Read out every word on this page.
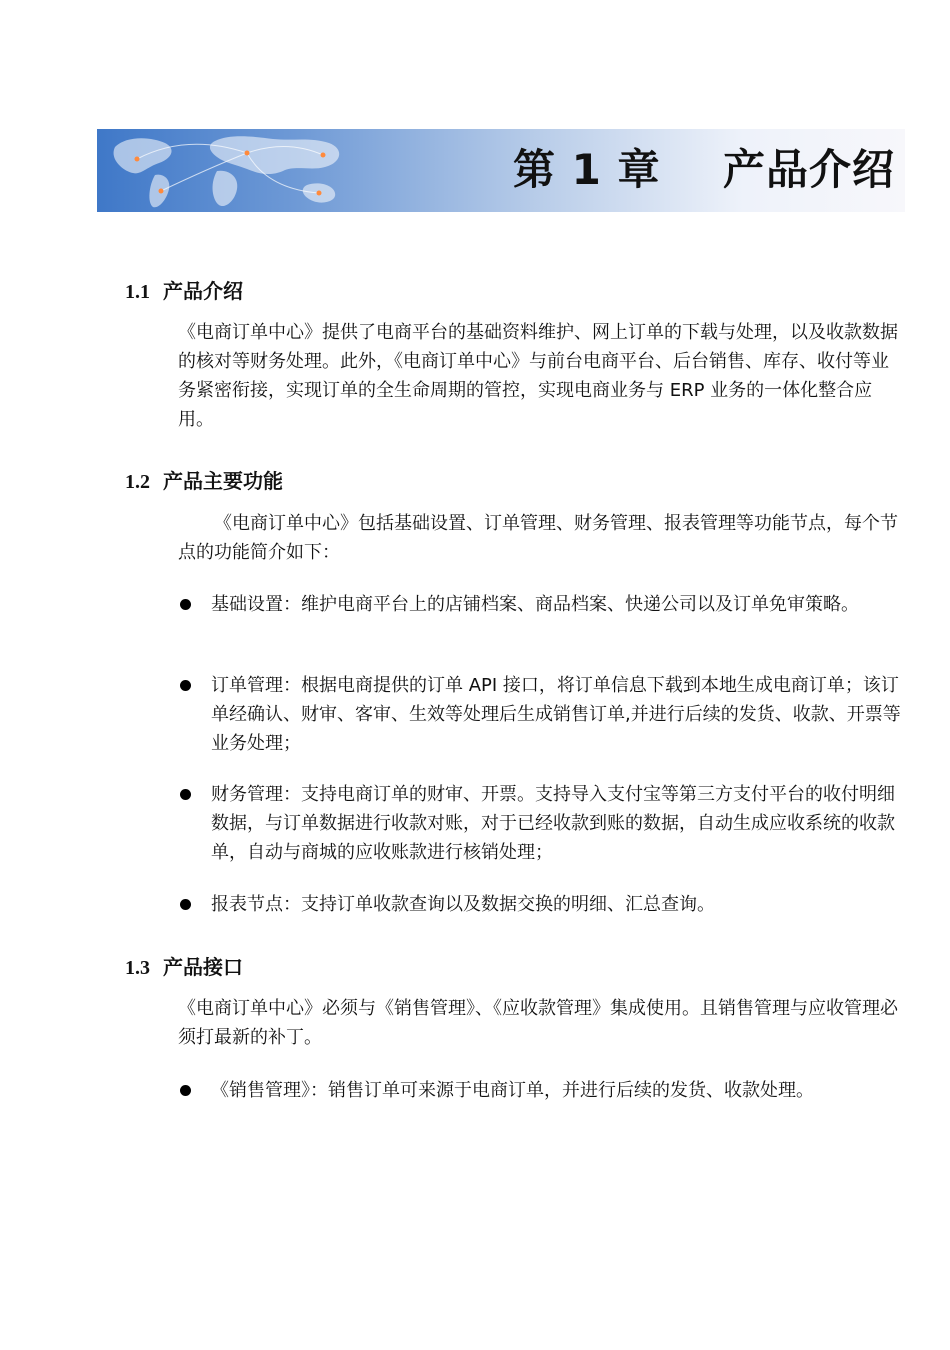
第 1 章    产品介绍
1.1 产品介绍
《电商订单中心》提供了电商平台的基础资料维护、网上订单的下载与处理，以及收款数据的核对等财务处理。此外，《电商订单中心》与前台电商平台、后台销售、库存、收付等业务紧密衔接，实现订单的全生命周期的管控，实现电商业务与 ERP 业务的一体化整合应用。
1.2 产品主要功能
《电商订单中心》包括基础设置、订单管理、财务管理、报表管理等功能节点，每个节点的功能简介如下：
基础设置：维护电商平台上的店铺档案、商品档案、快递公司以及订单免审策略。
订单管理：根据电商提供的订单 API 接口，将订单信息下载到本地生成电商订单；该订单经确认、财审、客审、生效等处理后生成销售订单,并进行后续的发货、收款、开票等业务处理；
财务管理：支持电商订单的财审、开票。支持导入支付宝等第三方支付平台的收付明细数据，与订单数据进行收款对账，对于已经收款到账的数据，自动生成应收系统的收款单，自动与商城的应收账款进行核销处理；
报表节点：支持订单收款查询以及数据交换的明细、汇总查询。
1.3 产品接口
《电商订单中心》必须与《销售管理》、《应收款管理》集成使用。且销售管理与应收管理必须打最新的补丁。
《销售管理》：销售订单可来源于电商订单，并进行后续的发货、收款处理。
